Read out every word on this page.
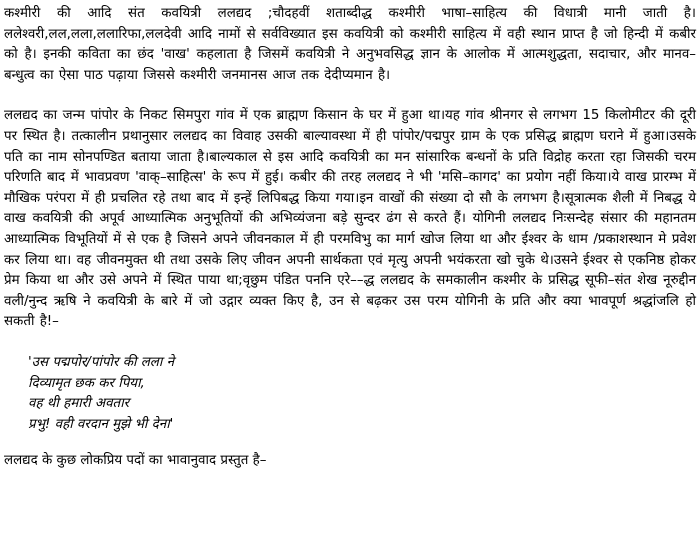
कश्मीरी की आदि संत कवयित्री ललद्यद ;चौदहवीं शताब्दीद्ध कश्मीरी भाषा–साहित्य की विधात्री मानी जाती है।ललेश्वरी,लल,लला,ललारिफा,ललदेवी आदि नामों से सर्वविख्यात इस कवयित्री को कश्मीरी साहित्य में वही स्थान प्राप्त है जो हिन्दी में कबीर को है। इनकी कविता का छंद 'वाख' कहलाता है जिसमें कवयित्री ने अनुभवसिद्ध ज्ञान के आलोक में आत्मशुद्धता, सदाचार, और मानव–बन्धुत्व का ऐसा पाठ पढ़ाया जिससे कश्मीरी जनमानस आज तक देदीप्यमान है।

ललद्यद का जन्म पांपोर के निकट सिमपुरा गांव में एक ब्राह्मण किसान के घर में हुआ था।यह गांव श्रीनगर से लगभग 15 किलोमीटर की दूरी पर स्थित है। तत्कालीन प्रथानुसार ललद्यद का विवाह उसकी बाल्यावस्था में ही पांपोर/पद्मपुर ग्राम के एक प्रसिद्ध ब्राह्मण घराने में हुआ।उसके पति का नाम सोनपण्डित बताया जाता है।बाल्यकाल से इस आदि कवयित्री का मन सांसारिक बन्धनों के प्रति विद्रोह करता रहा जिसकी चरम परिणति बाद में भावप्रवण 'वाक्–साहित्स' के रूप में हुई। कबीर की तरह ललद्यद ने भी 'मसि–कागद' का प्रयोग नहीं किया।ये वाख प्रारम्भ में मौखिक परंपरा में ही प्रचलित रहे तथा बाद में इन्हें लिपिबद्ध किया गया।इन वाखों की संख्या दो सौ के लगभग है।सूत्रात्मक शैली में निबद्ध ये वाख कवयित्री की अपूर्व आध्यात्मिक अनुभूतियों की अभिव्यंजना बड़े सुन्दर ढंग से करते हैं। योगिनी ललद्यद निःसन्देह संसार की महानतम आध्यात्मिक विभूतियों में से एक है जिसने अपने जीवनकाल में ही परमविभु का मार्ग खोज लिया था और ईश्वर के धाम /प्रकाशस्थान मे प्रवेश कर लिया था। वह जीवनमुक्त थी तथा उसके लिए जीवन अपनी सार्थकता एवं मृत्यु अपनी भयंकरता खो चुके थे।उसने ईश्वर से एकनिष्ठ होकर प्रेम किया था और उसे अपने में स्थित पाया था;वृछुम पंडित पननि एरे––द्ध ललद्यद के समकालीन कश्मीर के प्रसिद्ध सूफी–संत शेख नूरुद्दीन वली/नुन्द ऋषि ने कवयित्री के बारे में जो उद्गार व्यक्त किए है, उन से बढ़कर उस परम योगिनी के प्रति और क्या भावपूर्ण श्रद्धांजलि हो सकती है!–

'उस पद्मपोर/पांपोर की लला ने
दिव्यामृत छक कर पिया,
वह थी हमारी अवतार
प्रभु! वही वरदान मुझे भी देना'

ललद्यद के कुछ लोकप्रिय पदों का भावानुवाद प्रस्तुत है–
